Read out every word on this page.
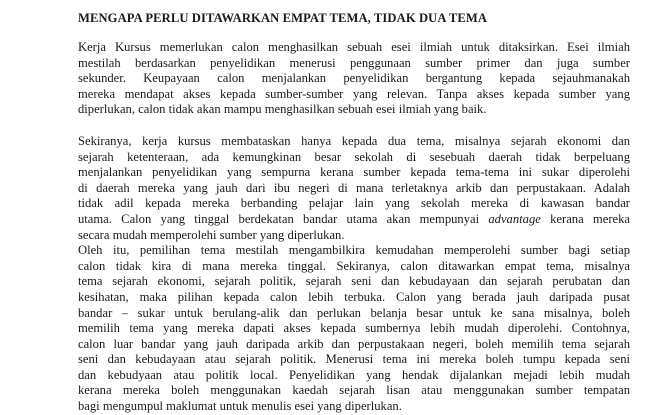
MENGAPA PERLU DITAWARKAN EMPAT TEMA, TIDAK DUA TEMA
Kerja Kursus memerlukan calon menghasilkan sebuah esei ilmiah untuk ditaksirkan. Esei ilmiah
mestilah berdasarkan penyelidikan menerusi penggunaan sumber primer dan juga sumber
sekunder. Keupayaan calon menjalankan penyelidikan bergantung kepada sejauhmanakah
mereka mendapat akses kepada sumber-sumber yang relevan. Tanpa akses kepada sumber yang
diperlukan, calon tidak akan mampu menghasilkan sebuah esei ilmiah yang baik.
Sekiranya, kerja kursus membataskan hanya kepada dua tema, misalnya sejarah ekonomi dan
sejarah ketenteraan, ada kemungkinan besar sekolah di sesebuah daerah tidak berpeluang
menjalankan penyelidikan yang sempurna kerana sumber kepada tema-tema ini sukar diperolehi
di daerah mereka yang jauh dari ibu negeri di mana terletaknya arkib dan perpustakaan. Adalah
tidak adil kepada mereka berbanding pelajar lain yang sekolah mereka di kawasan bandar
utama. Calon yang tinggal berdekatan bandar utama akan mempunyai advantage kerana mereka
secara mudah memperolehi sumber yang diperlukan.
Oleh itu, pemilihan tema mestilah mengambilkira kemudahan memperolehi sumber bagi setiap
calon tidak kira di mana mereka tinggal. Sekiranya, calon ditawarkan empat tema, misalnya
tema sejarah ekonomi, sejarah politik, sejarah seni dan kebudayaan dan sejarah perubatan dan
kesihatan, maka pilihan kepada calon lebih terbuka. Calon yang berada jauh daripada pusat
bandar – sukar untuk berulang-alik dan perlukan belanja besar untuk ke sana misalnya, boleh
memilih tema yang mereka dapati akses kepada sumbernya lebih mudah diperolehi. Contohnya,
calon luar bandar yang jauh daripada arkib dan perpustakaan negeri, boleh memilih tema sejarah
seni dan kebudayaan atau sejarah politik. Menerusi tema ini mereka boleh tumpu kepada seni
dan kebudyaan atau politik local. Penyelidikan yang hendak dijalankan mejadi lebih mudah
kerana mereka boleh menggunakan kaedah sejarah lisan atau menggunakan sumber tempatan
bagi mengumpul maklumat untuk menulis esei yang diperlukan.
